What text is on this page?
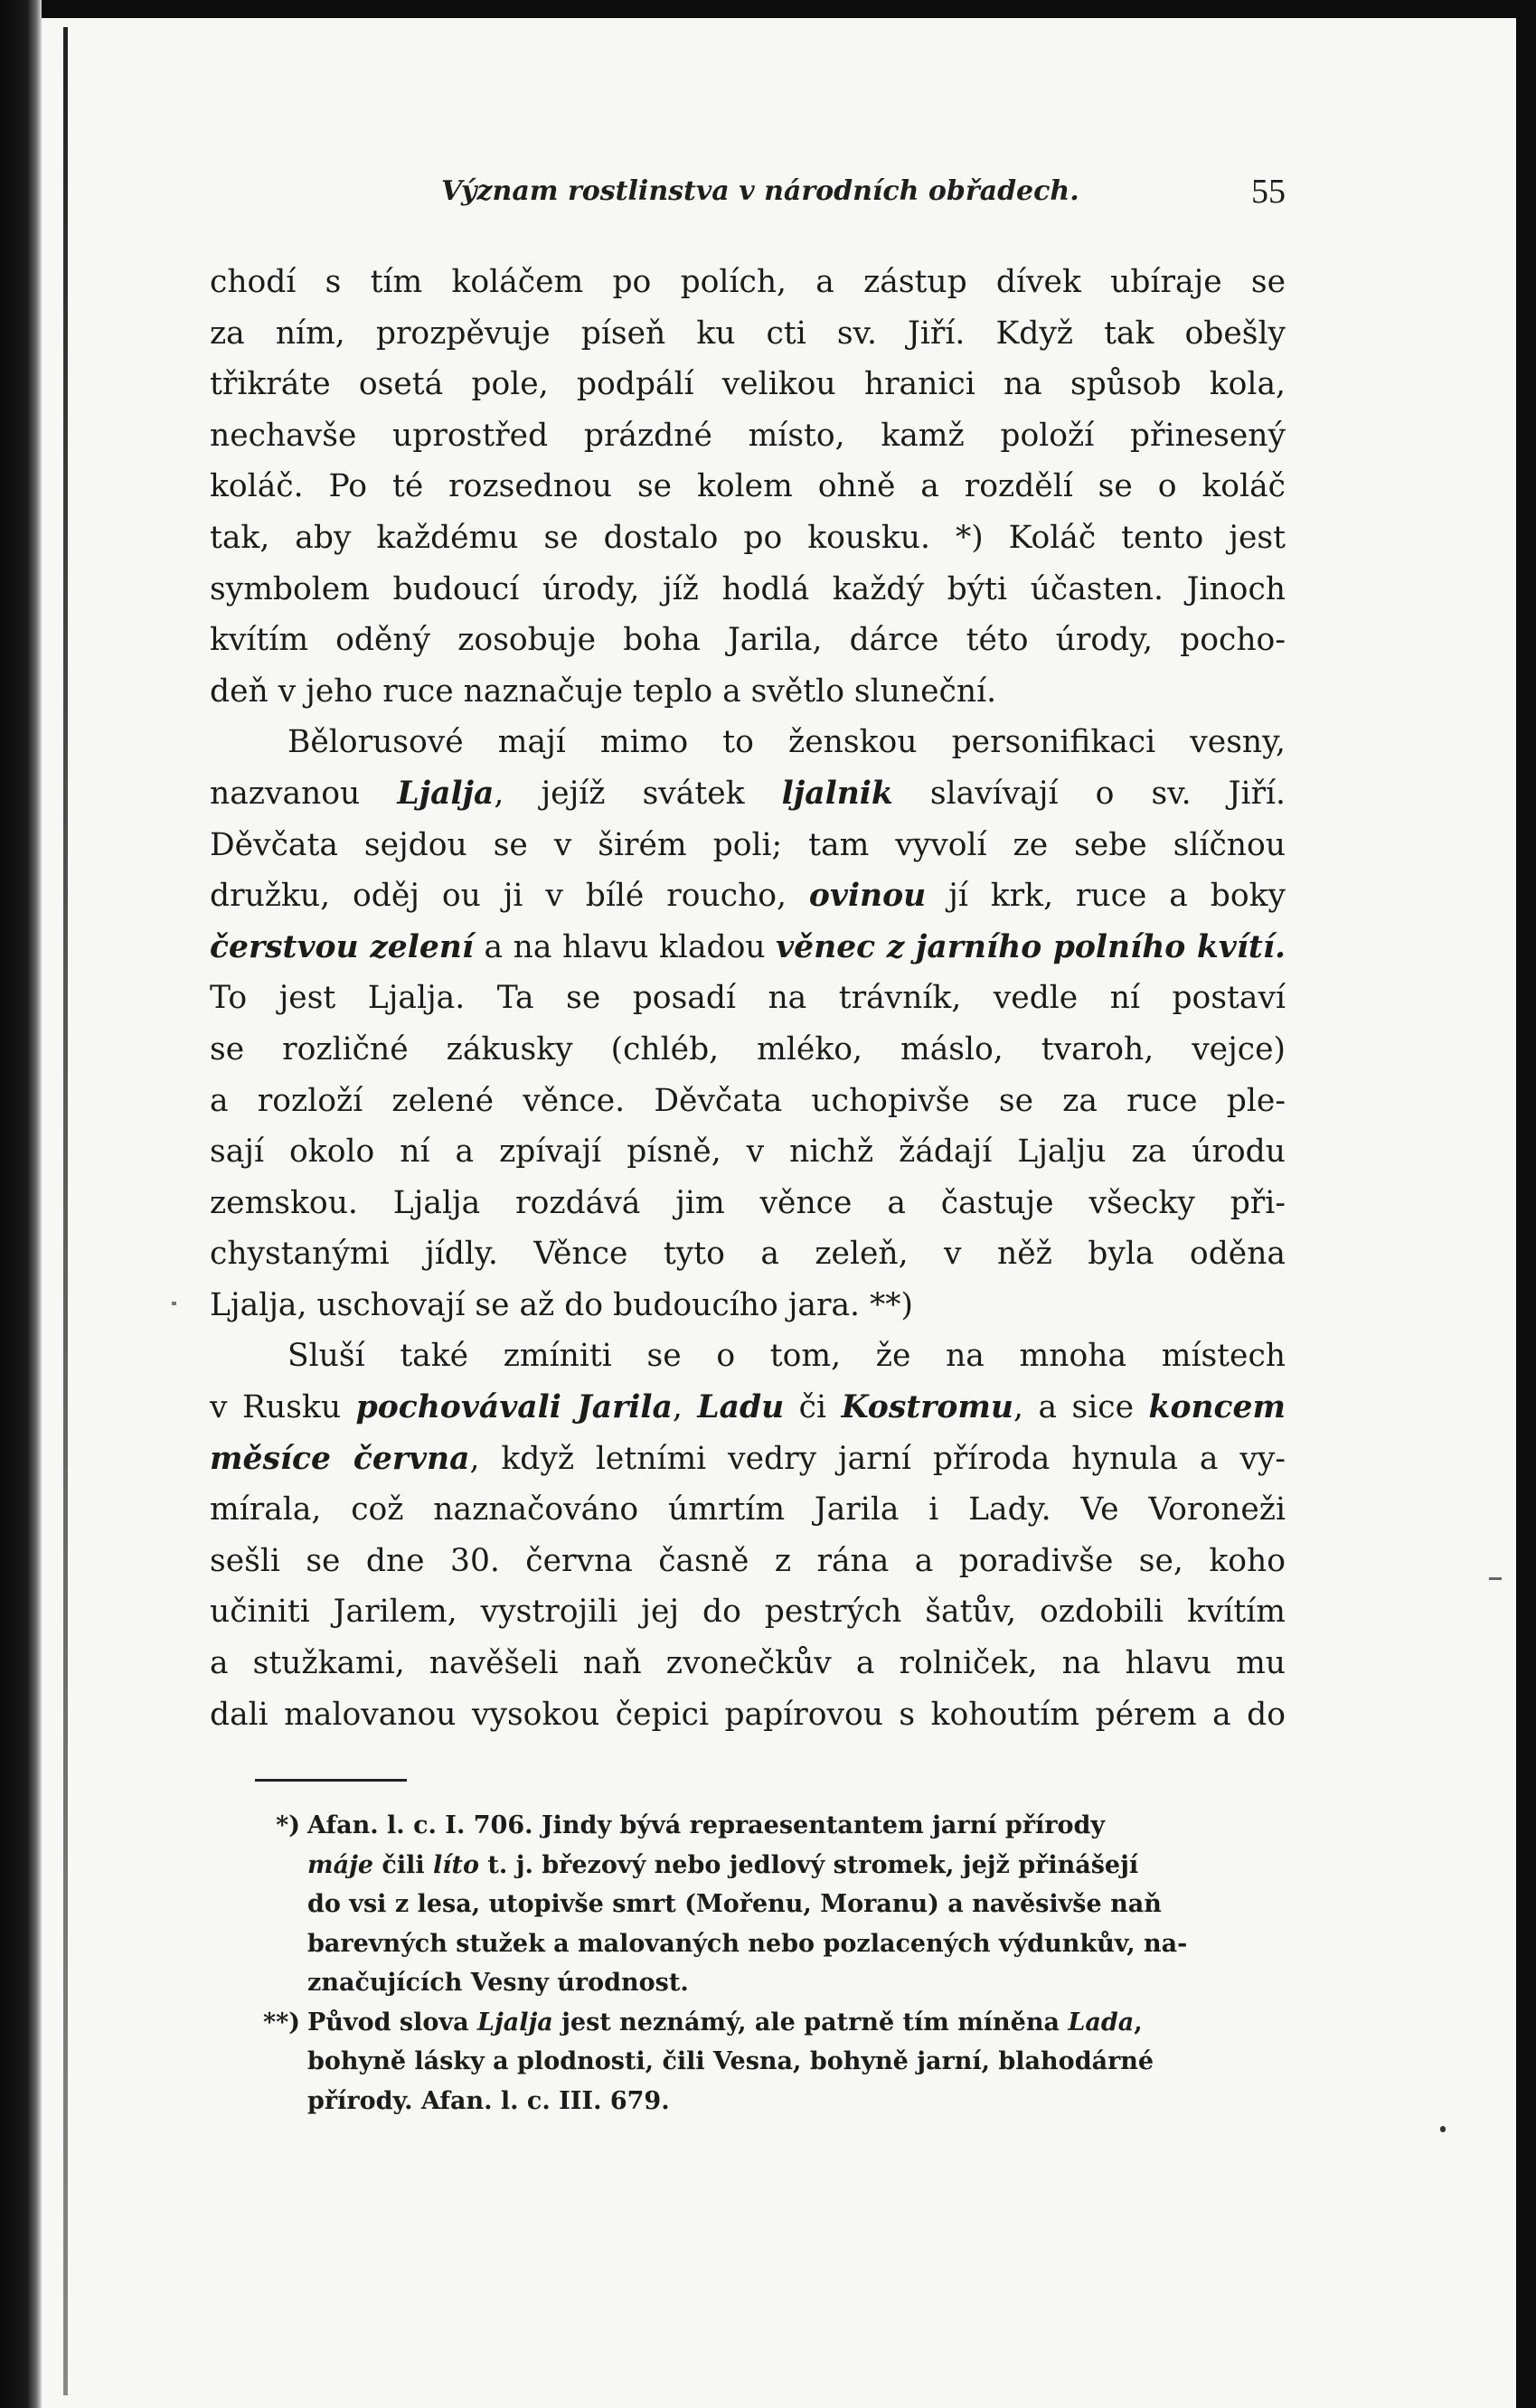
Význam rostlinstva v národních obřadech.	55
chodí s tím koláčem po polích, a zástup dívek ubíraje se
za ním, prozpěvuje píseň ku cti sv. Jiří. Když tak obešly
třikráte osetá pole, podpálí velikou hranici na spůsob kola,
nechavše uprostřed prázdné místo, kamž položí přinesený
koláč. Po té rozsednou se kolem ohně a rozdělí se o koláč
tak, aby každému se dostalo po kousku. *) Koláč tento jest
symbolem budoucí úrody, jíž hodlá každý býti účasten. Jinoch
kvítím oděný zosobuje boha Jarila, dárce této úrody, pocho-
deň v jeho ruce naznačuje teplo a světlo sluneční.
Bělorusové mají mimo to ženskou personifikaci vesny,
nazvanou Ljalja, jejíž svátek ljalnik slavívají o sv. Jiří.
Děvčata sejdou se v širém poli; tam vyvolí ze sebe slíčnou
družku, oděj ou ji v bílé roucho, ovinou jí krk, ruce a boky
čerstvou zelení a na hlavu kladou věnec z jarního polního kvítí.
To jest Ljalja. Ta se posadí na trávník, vedle ní postaví
se rozličné zákusky (chléb, mléko, máslo, tvaroh, vejce)
a rozloží zelené věnce. Děvčata uchopivše se za ruce ple-
sají okolo ní a zpívají písně, v nichž žádají Ljalju za úrodu
zemskou. Ljalja rozdává jim věnce a častuje všecky při-
chystanými jídly. Věnce tyto a zeleň, v něž byla oděna
Ljalja, uschovají se až do budoucího jara. **)
Sluší také zmíniti se o tom, že na mnoha místech
v Rusku pochovávali Jarila, Ladu či Kostromu, a sice koncem
měsíce června, když letními vedry jarní příroda hynula a vy-
mírala, což naznačováno úmrtím Jarila i Lady. Ve Voroneži
sešli se dne 30. června časně z rána a poradivše se, koho
učiniti Jarilem, vystrojili jej do pestrých šatův, ozdobili kvítím
a stužkami, navěšeli naň zvonečkův a rolniček, na hlavu mu
dali malovanou vysokou čepici papírovou s kohoutím pérem a do
*) Afan. l. c. I. 706. Jindy bývá repraesentantem jarní přírody
máje čili líto t. j. březový nebo jedlový stromek, jejž přinášejí
do vsi z lesa, utopivše smrt (Mořenu, Moranu) a navěsivše naň
barevných stužek a malovaných nebo pozlacených výdunkův, na-
značujících Vesny úrodnost.
**) Původ slova Ljalja jest neznámý, ale patrně tím míněna Lada,
bohyně lásky a plodnosti, čili Vesna, bohyně jarní, blahodárné
přírody. Afan. l. c. III. 679.
